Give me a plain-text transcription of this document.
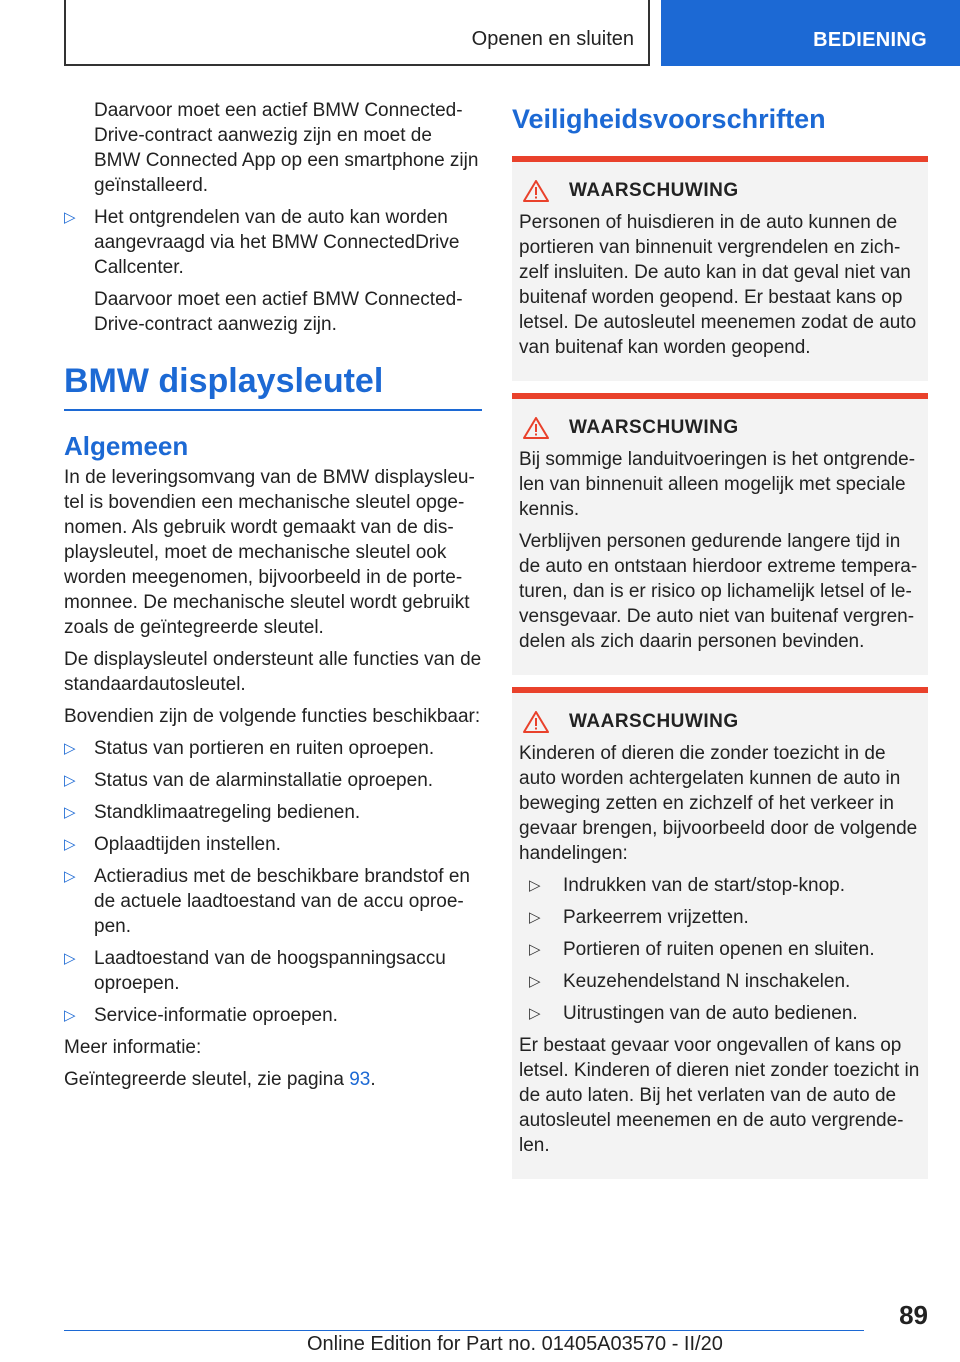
Openen en sluiten	BEDIENING

Daarvoor moet een actief BMW ConnectedDrive-contract aanwezig zijn en moet de BMW Connected App op een smartphone zijn geïnstalleerd.

▷ Het ontgrendelen van de auto kan worden aangevraagd via het BMW ConnectedDrive Callcenter.

Daarvoor moet een actief BMW ConnectedDrive-contract aanwezig zijn.

BMW displaysleutel
Algemeen

In de leveringsomvang van de BMW displaysleutel is bovendien een mechanische sleutel opgenomen. Als gebruik wordt gemaakt van de displaysleutel, moet de mechanische sleutel ook worden meegenomen, bijvoorbeeld in de portemonnee. De mechanische sleutel wordt gebruikt zoals de geïntegreerde sleutel.

De displaysleutel ondersteunt alle functies van de standaardautosleutel.

Bovendien zijn de volgende functies beschikbaar:

▷ Status van portieren en ruiten oproepen.
▷ Status van de alarminstallatie oproepen.
▷ Standklimaatregeling bedienen.
▷ Oplaadtijden instellen.
▷ Actieradius met de beschikbare brandstof en de actuele laadtoestand van de accu oproepen.
▷ Laadtoestand van de hoogspanningsaccu oproepen.
▷ Service-informatie oproepen.

Meer informatie:

Geïntegreerde sleutel, zie pagina 93.

Veiligheidsvoorschriften
WAARSCHUWING

Personen of huisdieren in de auto kunnen de portieren van binnenuit vergrendelen en zichzelf insluiten. De auto kan in dat geval niet van buitenaf worden geopend. Er bestaat kans op letsel. De autosleutel meenemen zodat de auto van buitenaf kan worden geopend.

WAARSCHUWING

Bij sommige landuitvoeringen is het ontgrendelen van binnenuit alleen mogelijk met speciale kennis.

Verblijven personen gedurende langere tijd in de auto en ontstaan hierdoor extreme temperaturen, dan is er risico op lichamelijk letsel of levensgevaar. De auto niet van buitenaf vergrendelen als zich daarin personen bevinden.

WAARSCHUWING

Kinderen of dieren die zonder toezicht in de auto worden achtergelaten kunnen de auto in beweging zetten en zichzelf of het verkeer in gevaar brengen, bijvoorbeeld door de volgende handelingen:

▷ Indrukken van de start/stop-knop.
▷ Parkeerrem vrijzetten.
▷ Portieren of ruiten openen en sluiten.
▷ Keuzehendelstand N inschakelen.
▷ Uitrustingen van de auto bedienen.

Er bestaat gevaar voor ongevallen of kans op letsel. Kinderen of dieren niet zonder toezicht in de auto laten. Bij het verlaten van de auto de autosleutel meenemen en de auto vergrendelen.

89
Online Edition for Part no. 01405A03570 - II/20
